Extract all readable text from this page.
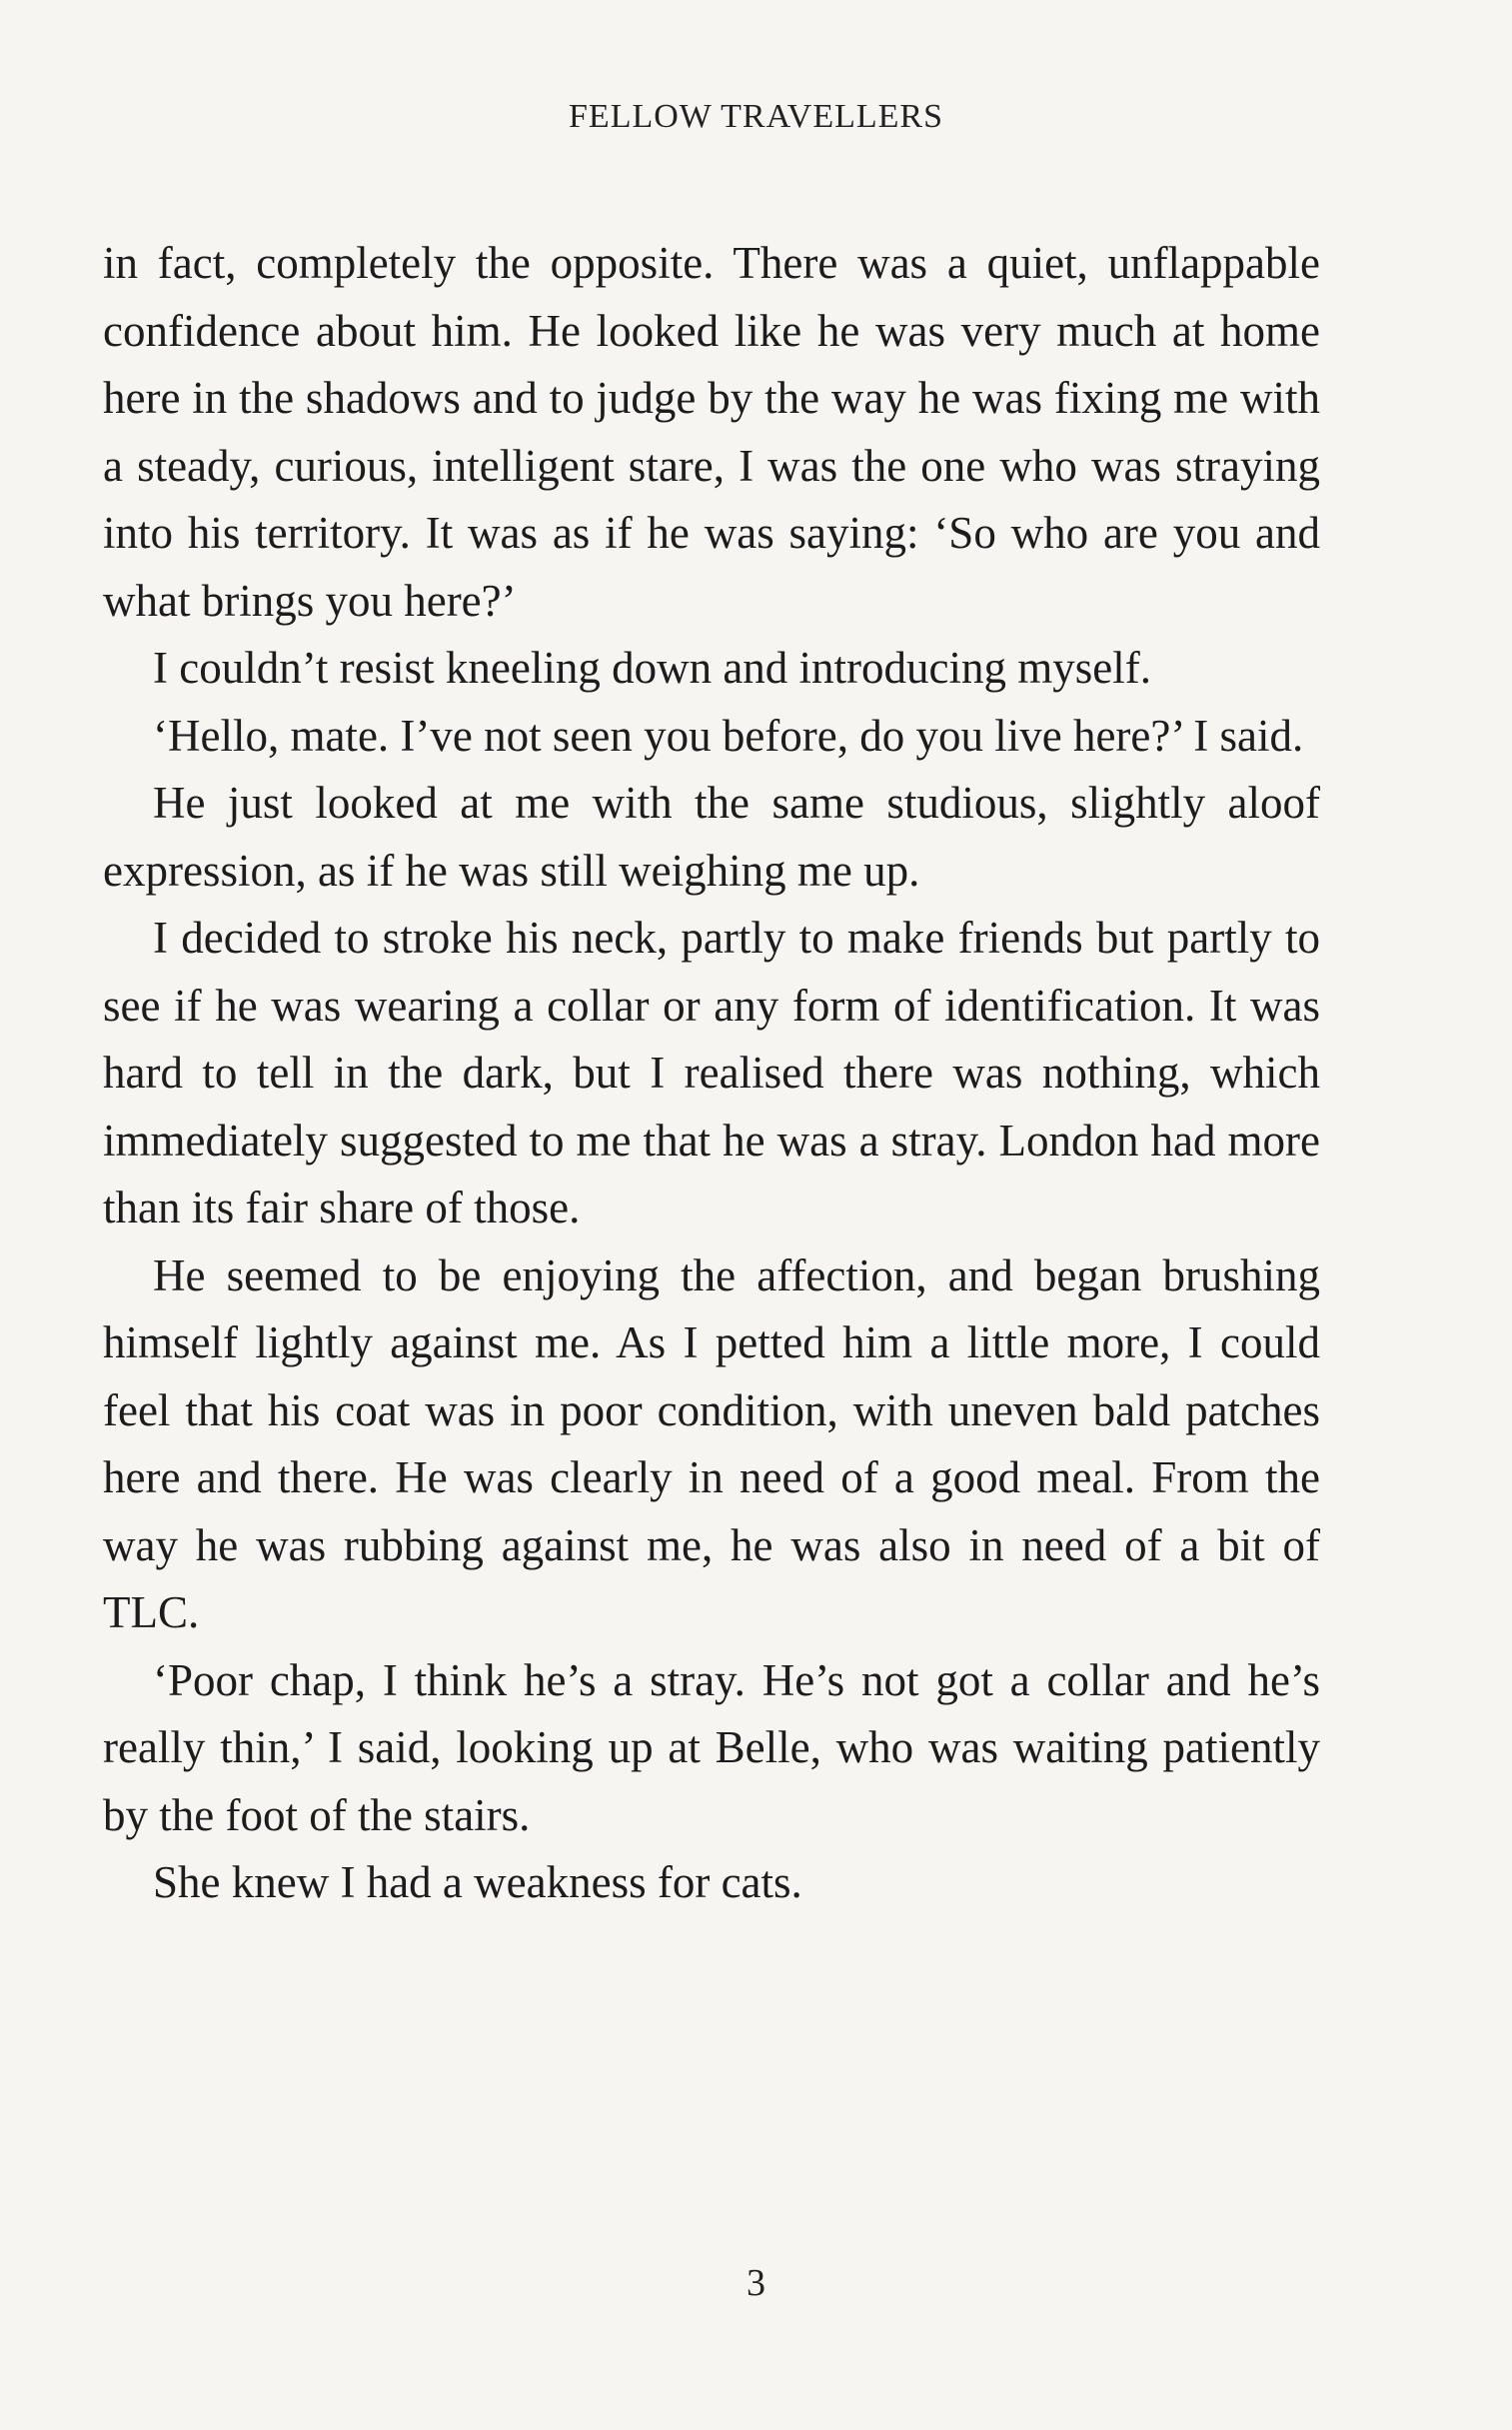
FELLOW TRAVELLERS

in fact, completely the opposite. There was a quiet, unflappable confidence about him. He looked like he was very much at home here in the shadows and to judge by the way he was fixing me with a steady, curious, intelligent stare, I was the one who was straying into his territory. It was as if he was saying: ‘So who are you and what brings you here?’

I couldn’t resist kneeling down and introducing myself.

‘Hello, mate. I’ve not seen you before, do you live here?’ I said.

He just looked at me with the same studious, slightly aloof expression, as if he was still weighing me up.

I decided to stroke his neck, partly to make friends but partly to see if he was wearing a collar or any form of identification. It was hard to tell in the dark, but I realised there was nothing, which immediately suggested to me that he was a stray. London had more than its fair share of those.

He seemed to be enjoying the affection, and began brushing himself lightly against me. As I petted him a little more, I could feel that his coat was in poor condition, with uneven bald patches here and there. He was clearly in need of a good meal. From the way he was rubbing against me, he was also in need of a bit of TLC.

‘Poor chap, I think he’s a stray. He’s not got a collar and he’s really thin,’ I said, looking up at Belle, who was waiting patiently by the foot of the stairs.

She knew I had a weakness for cats.

3
